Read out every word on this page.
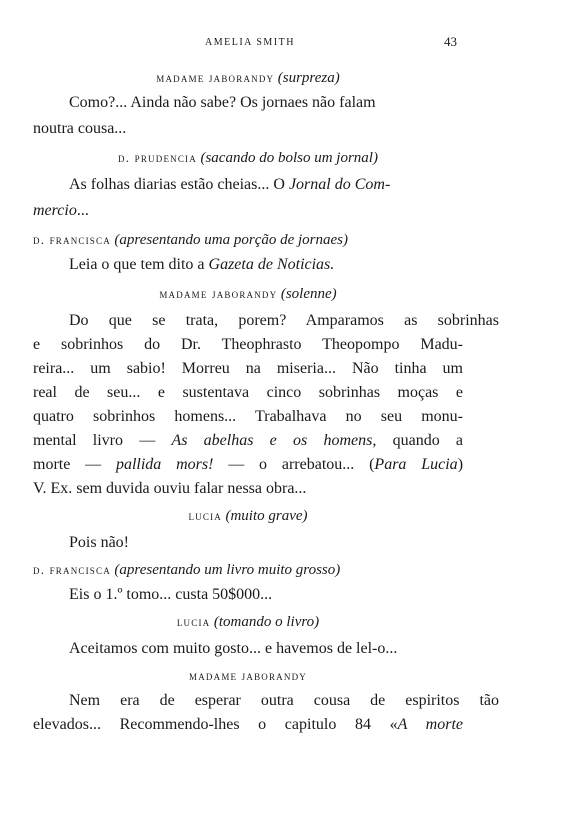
AMELIA SMITH	43
madame jaborandy (surpreza)
Como?... Ainda não sabe? Os jornaes não falam
noutra cousa...
d. prudencia (sacando do bolso um jornal)
As folhas diarias estão cheias... O Jornal do Com-
mercio...
d. francisca (apresentando uma porção de jornaes)
Leia o que tem dito a Gazeta de Noticias.
madame jaborandy (solenne)
Do que se trata, porem? Amparamos as sobrinhas
e sobrinhos do Dr. Theophrasto Theopompo Madu-
reira... um sabio! Morreu na miseria... Não tinha um
real de seu... e sustentava cinco sobrinhas moças e
quatro sobrinhos homens... Trabalhava no seu monu-
mental livro — As abelhas e os homens, quando a
morte — pallida mors! — o arrebatou... (Para Lucia)
V. Ex. sem duvida ouviu falar nessa obra...
lucia (muito grave)
Pois não!
d. francisca (apresentando um livro muito grosso)
Eis o 1.º tomo... custa 50$000...
lucia (tomando o livro)
Aceitamos com muito gosto... e havemos de lel-o...
madame jaborandy
Nem era de esperar outra cousa de espiritos tão
elevados... Recommendo-lhes o capitulo 84 «A morte
